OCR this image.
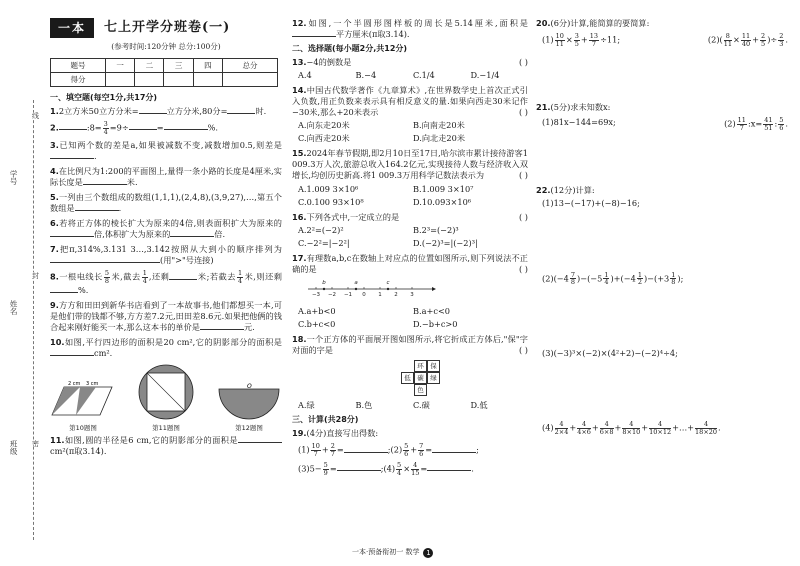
学号
姓名
班级
线
封
密
一本	七上开学分班卷(一)
(参考时间:120分钟 总分:100分)
题号	一	二	三	四	总分
得分					
一、填空题(每空1分,共17分)
1.2立方米50立方分米=	立方分米,80分=	时.
2.	:8= $\frac{3}{4} =9\div$	=	%.
3.已知两个数的差是a,如果被减数不变,减数增加0.5,则差是.
4.在比例尺为1:200的平面图上,量得一条小路的长度是4厘米,实际长度是	米.
5.一列由三个数组成的数组(1,1,1),(2,4,8),(3,9,27),…,第五个数组是	.
6.若将正方体的棱长扩大为原来的4倍,则表面积扩大为原来的倍,体积扩大为原来的	倍.
7.把π,314%,3.131 3…,3.142按照从大到小的顺序排列为(用">"号连接)
8.一根电线长 $\frac{5}{8}$ 米,截去 $\frac{1}{4}$ ,还剩	米;若截去 $\frac{1}{4}$ 米,则还剩%.
9.方方和田田到新华书店看到了一本故事书,他们都想买一本,可是他们带的钱都不够,方方差7.2元,田田差8.6元.如果把他俩的钱合起来刚好能买一本,那么这本书的单价是	元.
10.如图,平行四边形的面积是20 cm²,它的阴影部分的面积是cm².
2 cm 3 cm
第10题图	第11题图
O
第12题图
11.如图,圆的半径是6 cm,它的阴影部分的面积是cm²(π取3.14).
12.如图,一个半圆形图样板的周长是5.14厘米,面积是平方厘米(π取3.14).
二、选择题(每小题2分,共12分)
13.−4的倒数是	( )
A.4	B.−4	C.1/4	D.−1/4
14.中国古代数学著作《九章算术》,在世界数学史上首次正式引入负数,用正负数来表示具有相反意义的量.如果向西走30米记作−30米,那么+20米表示	( )
A.向东走20米	B.向南走20米
C.向西走20米	D.向北走20米
15.2024年春节假期,即2月10日至17日,哈尔滨市累计接待游客1 009.3万人次,旅游总收入164.2亿元,实现接待人数与经济收入双增长,均创历史新高.将1 009.3万用科学记数法表示为	( )
A.1.009 3×10⁶	B.1.009 3×10⁷
C.0.100 93×10⁸	D.10.093×10⁶
16.下列各式中,一定成立的是	( )
A.2²=(−2)²	B.2³=(−2)³
C.−2²=|−2²|	D.(−2)³=|(−2)³|
17.有理数a,b,c在数轴上对应点的位置如图所示,则下列说法不正确的是	( )
−3 −2 −1 0 1 2 3
b	a	c
A.a+b<0	B.a+c<0
C.b+c<0	D.−b+c>0
18.一个正方体的平面展开图如图所示,将它折成正方体后,"保"字对面的字是	( )
环	保
低	碳	绿
色
A.绿	B.色	C.碳	D.低
三、计算(共28分)
19.(4分)直接写出得数:
$(1) \frac{10}{7} + \frac{2}{7}$ =	;(2) $\frac{5}{6} + \frac{7}{6}$ =	;
$(3)5- \frac{5}{9}$ =	;(4) $\frac{5}{4} \times \frac{4}{15}$ =	.
20.(6分)计算,能简算的要简算:
$(1) \frac{10}{11} \times \frac{3}{5} + \frac{13}{7} \div 11$;	$(2)( \frac{8}{11} \times \frac{11}{40} + \frac{2}{5}$ )÷ $\frac{2}{3}$ .
21.(5分)求未知数x:
(1)81x−144=69x;	$(2) \frac{11}{7}$ :x= $\frac{41}{51}$ : $\frac{5}{6}$ .
22.(12分)计算:
(1)13−(−17)+(−8)−16;
$(2)(-4 \frac{7}{8} )-(-5 \frac{1}{4} )+(-4 \frac{1}{2} )-(+3 \frac{1}{8}$ );
(3)(−3)³×(−2)×(4²+2)−(−2)⁴÷4;
$(4) \frac{4}{2\times 4} + \frac{4}{4\times 6} + \frac{4}{6\times 8} + \frac{4}{8\times 10} + \frac{4}{10\times 12}$ +…+ $\frac{4}{18\times 20}$ .
一本·预备衔初一 数学 1
